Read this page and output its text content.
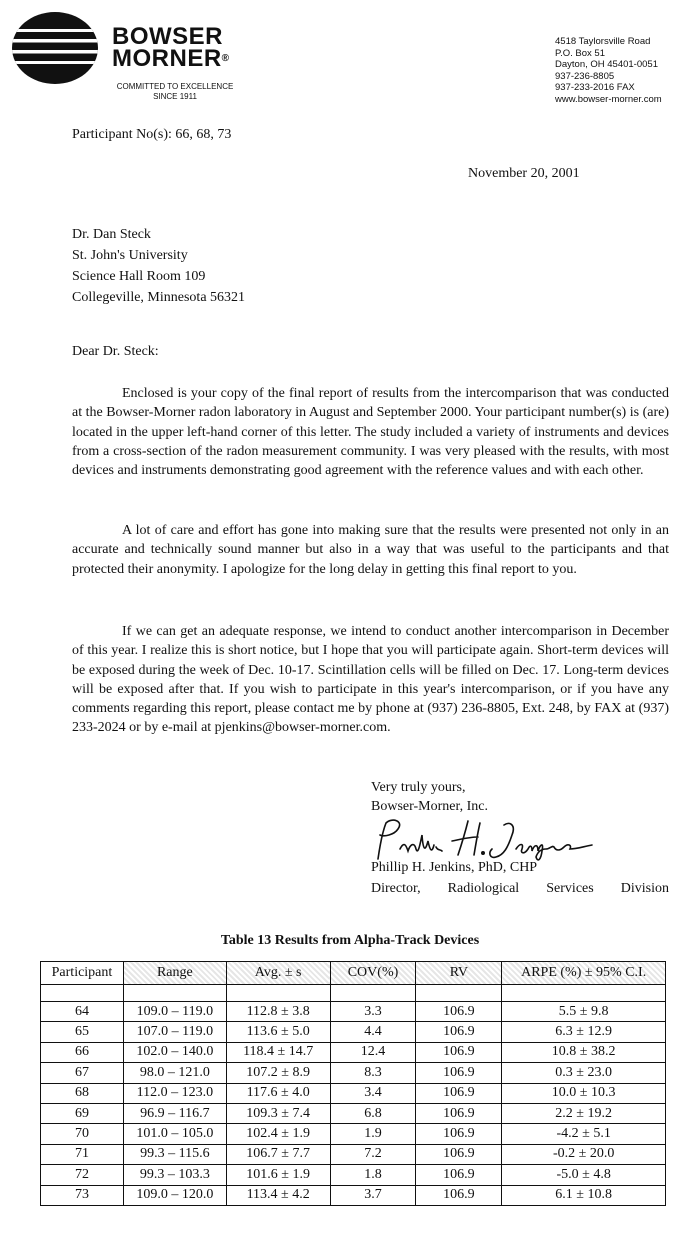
BOWSER
MORNER®
COMMITTED TO EXCELLENCE
SINCE 1911
4518 Taylorsville Road
P.O. Box 51
Dayton, OH 45401-0051
937-236-8805
937-233-2016 FAX
www.bowser-morner.com
Participant No(s): 66, 68, 73
November 20, 2001
Dr. Dan Steck
St. John's University
Science Hall Room 109
Collegeville, Minnesota 56321
Dear Dr. Steck:

Enclosed is your copy of the final report of results from the intercomparison that was conducted at the Bowser-Morner radon laboratory in August and September 2000. Your participant number(s) is (are) located in the upper left-hand corner of this letter. The study included a variety of instruments and devices from a cross-section of the radon measurement community. I was very pleased with the results, with most devices and instruments demonstrating good agreement with the reference values and with each other.

A lot of care and effort has gone into making sure that the results were presented not only in an accurate and technically sound manner but also in a way that was useful to the participants and that protected their anonymity. I apologize for the long delay in getting this final report to you.

If we can get an adequate response, we intend to conduct another intercomparison in December of this year. I realize this is short notice, but I hope that you will participate again. Short-term devices will be exposed during the week of Dec. 10-17. Scintillation cells will be filled on Dec. 17. Long-term devices will be exposed after that. If you wish to participate in this year's intercomparison, or if you have any comments regarding this report, please contact me by phone at (937) 236-8805, Ext. 248, by FAX at (937) 233-2024 or by e-mail at pjenkins@bowser-morner.com.

Very truly yours,
Bowser-Morner, Inc.
Phillip H. Jenkins, PhD, CHP
Director, Radiological Services Division
Table 13 Results from Alpha-Track Devices
Participant	Range	Avg. ± s	COV(%)	RV	ARPE (%) ± 95% C.I.

64	109.0 – 119.0	112.8 ± 3.8	3.3	106.9	5.5 ± 9.8
65	107.0 – 119.0	113.6 ± 5.0	4.4	106.9	6.3 ± 12.9
66	102.0 – 140.0	118.4 ± 14.7	12.4	106.9	10.8 ± 38.2
67	98.0 – 121.0	107.2 ± 8.9	8.3	106.9	0.3 ± 23.0
68	112.0 – 123.0	117.6 ± 4.0	3.4	106.9	10.0 ± 10.3
69	96.9 – 116.7	109.3 ± 7.4	6.8	106.9	2.2 ± 19.2
70	101.0 – 105.0	102.4 ± 1.9	1.9	106.9	-4.2 ± 5.1
71	99.3 – 115.6	106.7 ± 7.7	7.2	106.9	-0.2 ± 20.0
72	99.3 – 103.3	101.6 ± 1.9	1.8	106.9	-5.0 ± 4.8
73	109.0 – 120.0	113.4 ± 4.2	3.7	106.9	6.1 ± 10.8
